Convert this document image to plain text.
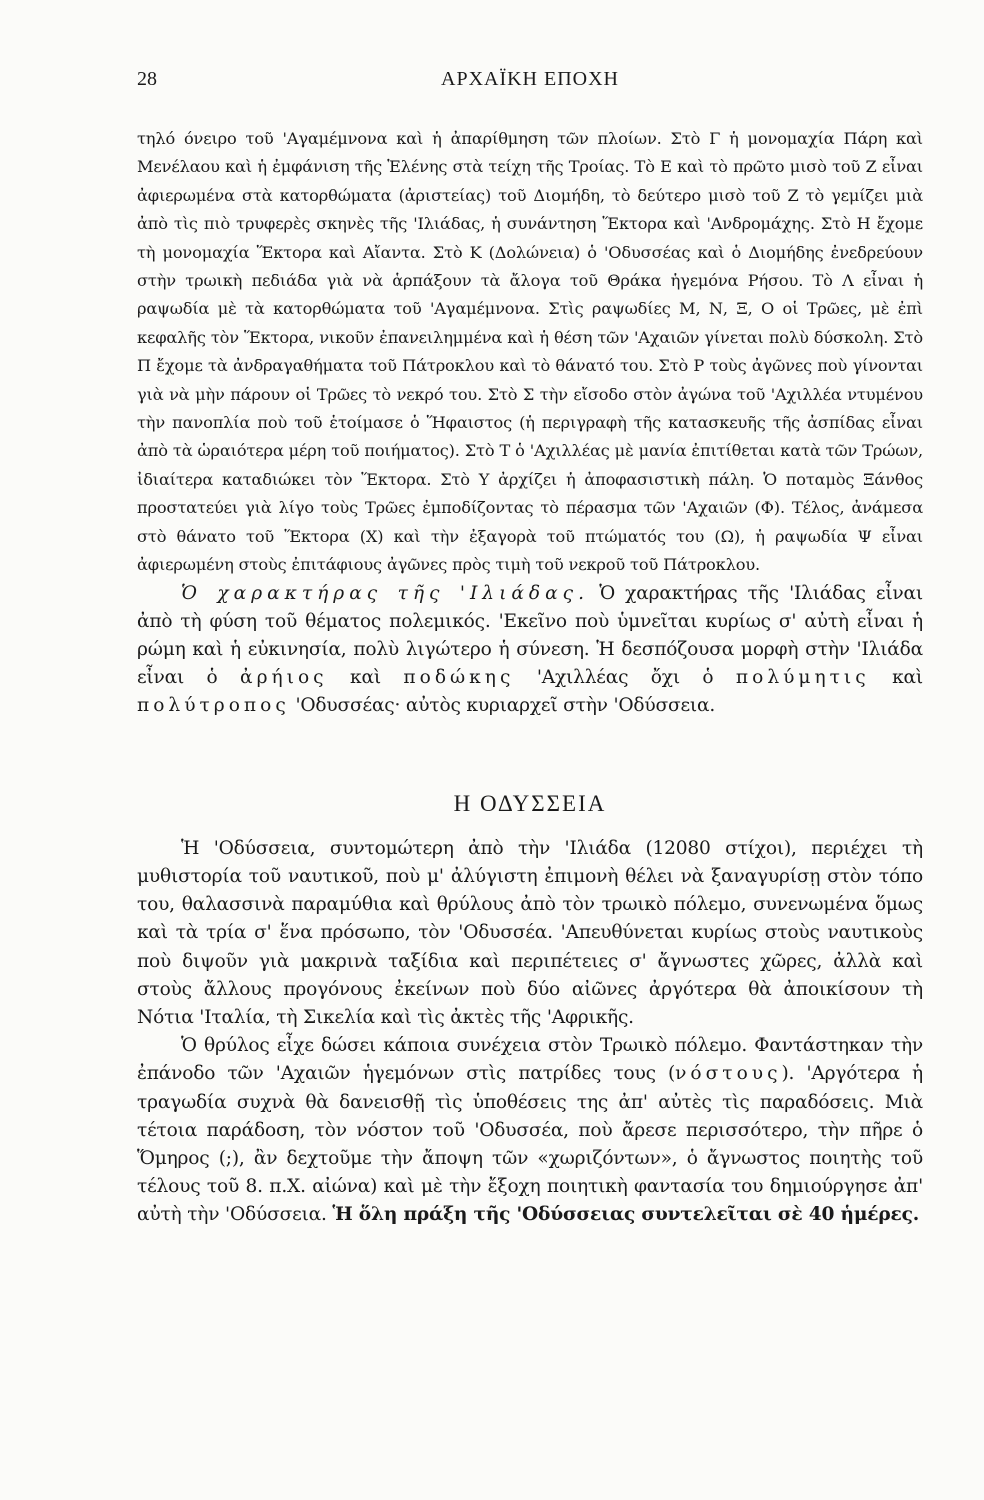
28	ΑΡΧΑΪΚΗ ΕΠΟΧΗ

τηλό όνειρο τοῦ 'Αγαμέμνονα καὶ ἡ ἀπαρίθμηση τῶν πλοίων. Στὸ Γ ἡ μονομαχία Πάρη καὶ Μενέλαου καὶ ἡ ἐμφάνιση τῆς Ἑλένης στὰ τείχη τῆς Τροίας. Τὸ Ε καὶ τὸ πρῶτο μισὸ τοῦ Ζ εἶναι ἀφιερωμένα στὰ κατορθώματα (ἀριστείας) τοῦ Διομήδη, τὸ δεύτερο μισὸ τοῦ Ζ τὸ γεμίζει μιὰ ἀπὸ τὶς πιὸ τρυφερὲς σκηνὲς τῆς 'Ιλιάδας, ἡ συνάντηση Ἕκτορα καὶ 'Ανδρομάχης. Στὸ Η ἔχομε τὴ μονομαχία Ἕκτορα καὶ Αἴαντα. Στὸ Κ (Δολώνεια) ὁ 'Οδυσσέας καὶ ὁ Διομήδης ἐνεδρεύουν στὴν τρωικὴ πεδιάδα γιὰ νὰ ἁρπάξουν τὰ ἄλογα τοῦ Θράκα ἡγεμόνα Ρήσου. Τὸ Λ εἶναι ἡ ραψωδία μὲ τὰ κατορθώματα τοῦ 'Αγαμέμνονα. Στὶς ραψωδίες Μ, Ν, Ξ, Ο οἱ Τρῶες, μὲ ἐπὶ κεφαλῆς τὸν Ἕκτορα, νικοῦν ἐπανειλημμένα καὶ ἡ θέση τῶν 'Αχαιῶν γίνεται πολὺ δύσκολη. Στὸ Π ἔχομε τὰ ἀνδραγαθήματα τοῦ Πάτροκλου καὶ τὸ θάνατό του. Στὸ Ρ τοὺς ἀγῶνες ποὺ γίνονται γιὰ νὰ μὴν πάρουν οἱ Τρῶες τὸ νεκρό του. Στὸ Σ τὴν εἴσοδο στὸν ἀγώνα τοῦ 'Αχιλλέα ντυμένου τὴν πανοπλία ποὺ τοῦ ἑτοίμασε ὁ Ἥφαιστος (ἡ περιγραφὴ τῆς κατασκευῆς τῆς ἀσπίδας εἶναι ἀπὸ τὰ ὡραιότερα μέρη τοῦ ποιήματος). Στὸ Τ ὁ 'Αχιλλέας μὲ μανία ἐπιτίθεται κατὰ τῶν Τρώων, ἰδιαίτερα καταδιώκει τὸν Ἕκτορα. Στὸ Υ ἀρχίζει ἡ ἀποφασιστικὴ πάλη. Ὁ ποταμὸς Ξάνθος προστατεύει γιὰ λίγο τοὺς Τρῶες ἐμποδίζοντας τὸ πέρασμα τῶν 'Αχαιῶν (Φ). Τέλος, ἀνάμεσα στὸ θάνατο τοῦ Ἕκτορα (Χ) καὶ τὴν ἐξαγορὰ τοῦ πτώματός του (Ω), ἡ ραψωδία Ψ εἶναι ἀφιερωμένη στοὺς ἐπιτάφιους ἀγῶνες πρὸς τιμὴ τοῦ νεκροῦ τοῦ Πάτροκλου.

Ὁ χαρακτήρας τῆς 'Ιλιάδας. Ὁ χαρακτήρας τῆς 'Ιλιάδας εἶναι ἀπὸ τὴ φύση τοῦ θέματος πολεμικός. 'Εκεῖνο ποὺ ὑμνεῖται κυρίως σ' αὐτὴ εἶναι ἡ ρώμη καὶ ἡ εὐκινησία, πολὺ λιγώτερο ἡ σύνεση. Ἡ δεσπόζουσα μορφὴ στὴν 'Ιλιάδα εἶναι ὁ ἀρήιος καὶ ποδώκης 'Αχιλλέας ὄχι ὁ πολύμητις καὶ πολύτροπος 'Οδυσσέας· αὐτὸς κυριαρχεῖ στὴν 'Οδύσσεια.

Η ΟΔΥΣΣΕΙΑ

Ἡ 'Οδύσσεια, συντομώτερη ἀπὸ τὴν 'Ιλιάδα (12080 στίχοι), περιέχει τὴ μυθιστορία τοῦ ναυτικοῦ, ποὺ μ' ἀλύγιστη ἐπιμονὴ θέλει νὰ ξαναγυρίσῃ στὸν τόπο του, θαλασσινὰ παραμύθια καὶ θρύλους ἀπὸ τὸν τρωικὸ πόλεμο, συνενωμένα ὅμως καὶ τὰ τρία σ' ἕνα πρόσωπο, τὸν 'Οδυσσέα. 'Απευθύνεται κυρίως στοὺς ναυτικοὺς ποὺ διψοῦν γιὰ μακρινὰ ταξίδια καὶ περιπέτειες σ' ἄγνωστες χῶρες, ἀλλὰ καὶ στοὺς ἄλλους προγόνους ἐκείνων ποὺ δύο αἰῶνες ἀργότερα θὰ ἀποικίσουν τὴ Νότια 'Ιταλία, τὴ Σικελία καὶ τὶς ἀκτὲς τῆς 'Αφρικῆς.

Ὁ θρύλος εἶχε δώσει κάποια συνέχεια στὸν Τρωικὸ πόλεμο. Φαντάστηκαν τὴν ἐπάνοδο τῶν 'Αχαιῶν ἡγεμόνων στὶς πατρίδες τους (νόστους). 'Αργότερα ἡ τραγωδία συχνὰ θὰ δανεισθῇ τὶς ὑποθέσεις της ἀπ' αὐτὲς τὶς παραδόσεις. Μιὰ τέτοια παράδοση, τὸν νόστον τοῦ 'Οδυσσέα, ποὺ ἄρεσε περισσότερο, τὴν πῆρε ὁ Ὅμηρος (;), ἂν δεχτοῦμε τὴν ἄποψη τῶν «χωριζόντων», ὁ ἄγνωστος ποιητὴς τοῦ τέλους τοῦ 8. π.Χ. αἰώνα) καὶ μὲ τὴν ἔξοχη ποιητικὴ φαντασία του δημιούργησε ἀπ' αὐτὴ τὴν 'Οδύσσεια. Ἡ ὅλη πράξη τῆς 'Οδύσσειας συντελεῖται σὲ 40 ἡμέρες.
